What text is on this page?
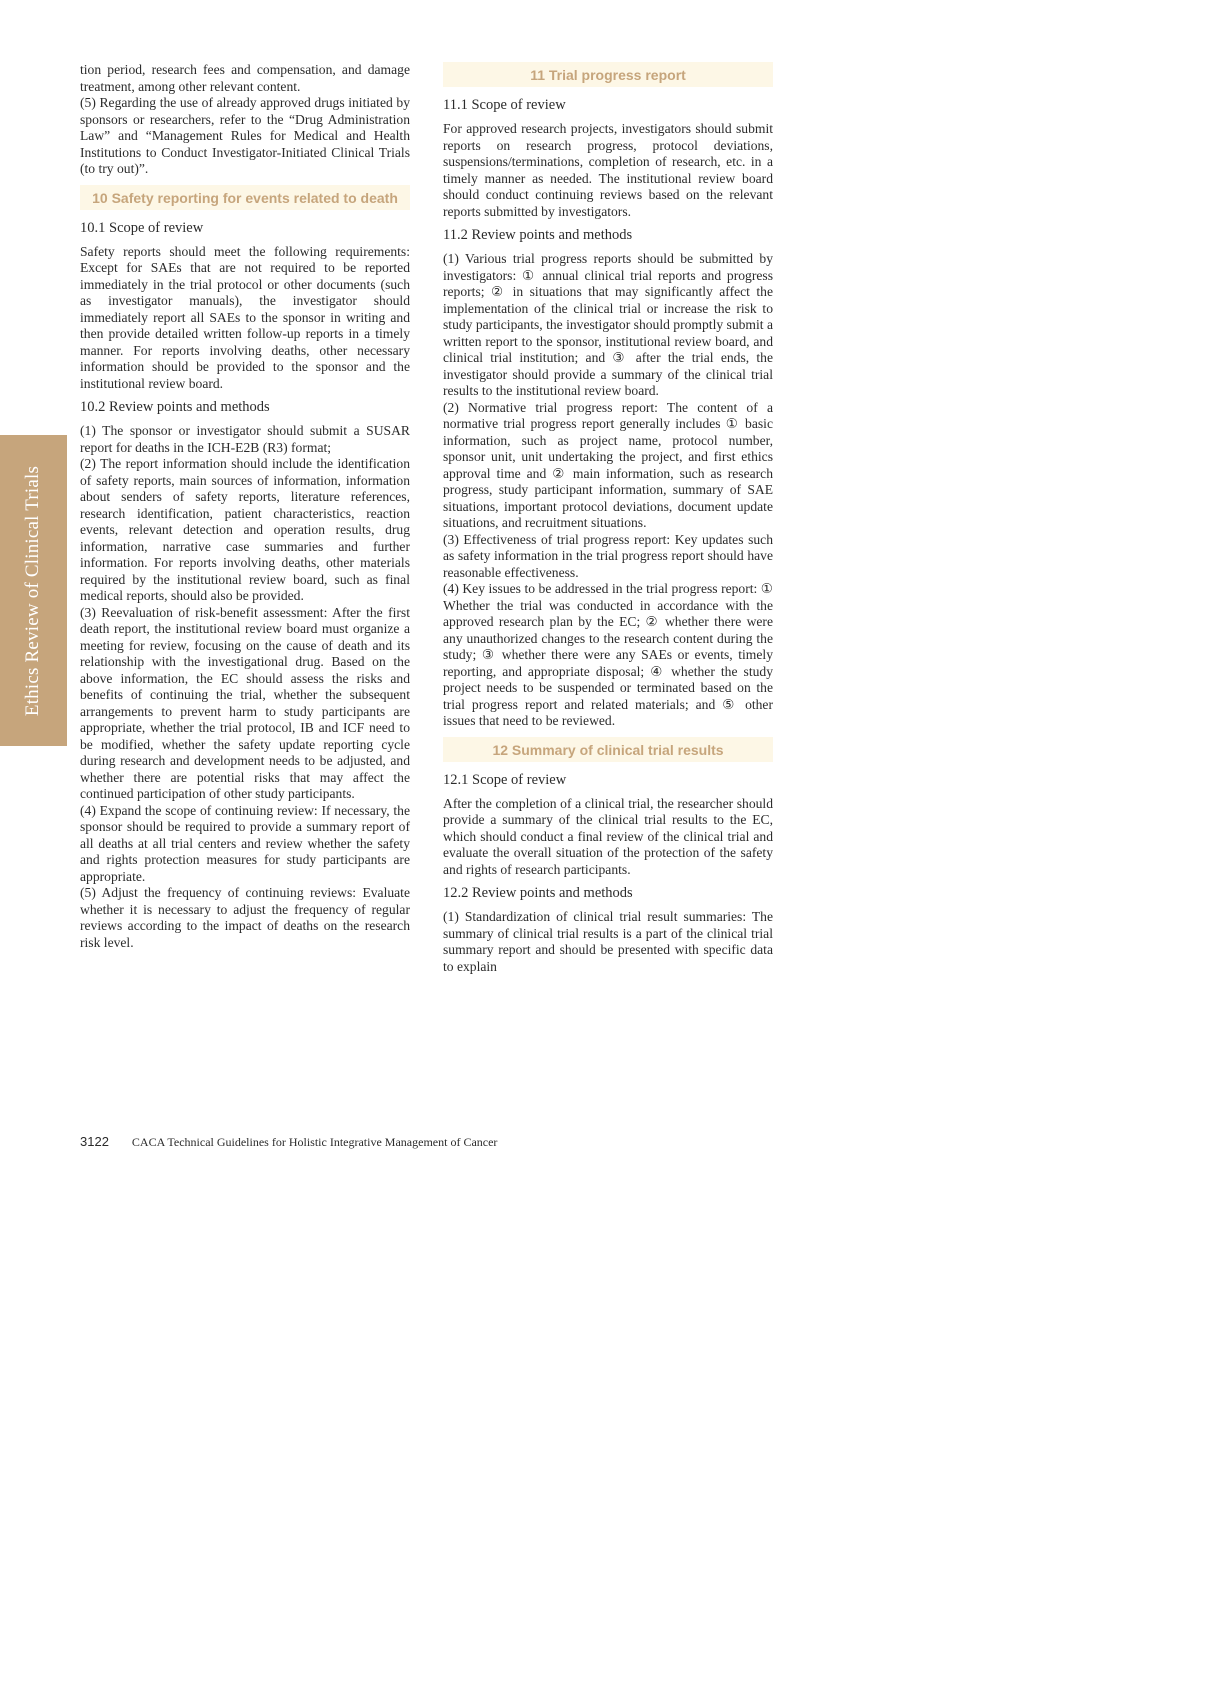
Ethics Review of Clinical Trials

tion period, research fees and compensation, and damage treatment, among other relevant content.

(5) Regarding the use of already approved drugs initiated by sponsors or researchers, refer to the “Drug Administration Law” and “Management Rules for Medical and Health Institutions to Conduct Investigator-Initiated Clinical Trials (to try out)”.

10 Safety reporting for events related to death
10.1 Scope of review

Safety reports should meet the following requirements: Except for SAEs that are not required to be reported immediately in the trial protocol or other documents (such as investigator manuals), the investigator should immediately report all SAEs to the sponsor in writing and then provide detailed written follow-up reports in a timely manner. For reports involving deaths, other necessary information should be provided to the sponsor and the institutional review board.

10.2 Review points and methods

(1) The sponsor or investigator should submit a SUSAR report for deaths in the ICH-E2B (R3) format;

(2) The report information should include the identification of safety reports, main sources of information, information about senders of safety reports, literature references, research identification, patient characteristics, reaction events, relevant detection and operation results, drug information, narrative case summaries and further information. For reports involving deaths, other materials required by the institutional review board, such as final medical reports, should also be provided.

(3) Reevaluation of risk-benefit assessment: After the first death report, the institutional review board must organize a meeting for review, focusing on the cause of death and its relationship with the investigational drug. Based on the above information, the EC should assess the risks and benefits of continuing the trial, whether the subsequent arrangements to prevent harm to study participants are appropriate, whether the trial protocol, IB and ICF need to be modified, whether the safety update reporting cycle during research and development needs to be adjusted, and whether there are potential risks that may affect the continued participation of other study participants.

(4) Expand the scope of continuing review: If necessary, the sponsor should be required to provide a summary report of all deaths at all trial centers and review whether the safety and rights protection measures for study participants are appropriate.

(5) Adjust the frequency of continuing reviews: Evaluate whether it is necessary to adjust the frequency of regular reviews according to the impact of deaths on the research risk level.

11 Trial progress report
11.1 Scope of review

For approved research projects, investigators should submit reports on research progress, protocol deviations, suspensions/terminations, completion of research, etc. in a timely manner as needed. The institutional review board should conduct continuing reviews based on the relevant reports submitted by investigators.

11.2 Review points and methods

(1) Various trial progress reports should be submitted by investigators: ① annual clinical trial reports and progress reports; ② in situations that may significantly affect the implementation of the clinical trial or increase the risk to study participants, the investigator should promptly submit a written report to the sponsor, institutional review board, and clinical trial institution; and ③ after the trial ends, the investigator should provide a summary of the clinical trial results to the institutional review board.

(2) Normative trial progress report: The content of a normative trial progress report generally includes ① basic information, such as project name, protocol number, sponsor unit, unit undertaking the project, and first ethics approval time and ② main information, such as research progress, study participant information, summary of SAE situations, important protocol deviations, document update situations, and recruitment situations.

(3) Effectiveness of trial progress report: Key updates such as safety information in the trial progress report should have reasonable effectiveness.

(4) Key issues to be addressed in the trial progress report: ① Whether the trial was conducted in accordance with the approved research plan by the EC; ② whether there were any unauthorized changes to the research content during the study; ③ whether there were any SAEs or events, timely reporting, and appropriate disposal; ④ whether the study project needs to be suspended or terminated based on the trial progress report and related materials; and ⑤ other issues that need to be reviewed.

12 Summary of clinical trial results
12.1 Scope of review

After the completion of a clinical trial, the researcher should provide a summary of the clinical trial results to the EC, which should conduct a final review of the clinical trial and evaluate the overall situation of the protection of the safety and rights of research participants.

12.2 Review points and methods

(1) Standardization of clinical trial result summaries: The summary of clinical trial results is a part of the clinical trial summary report and should be presented with specific data to explain

3122 CACA Technical Guidelines for Holistic Integrative Management of Cancer
